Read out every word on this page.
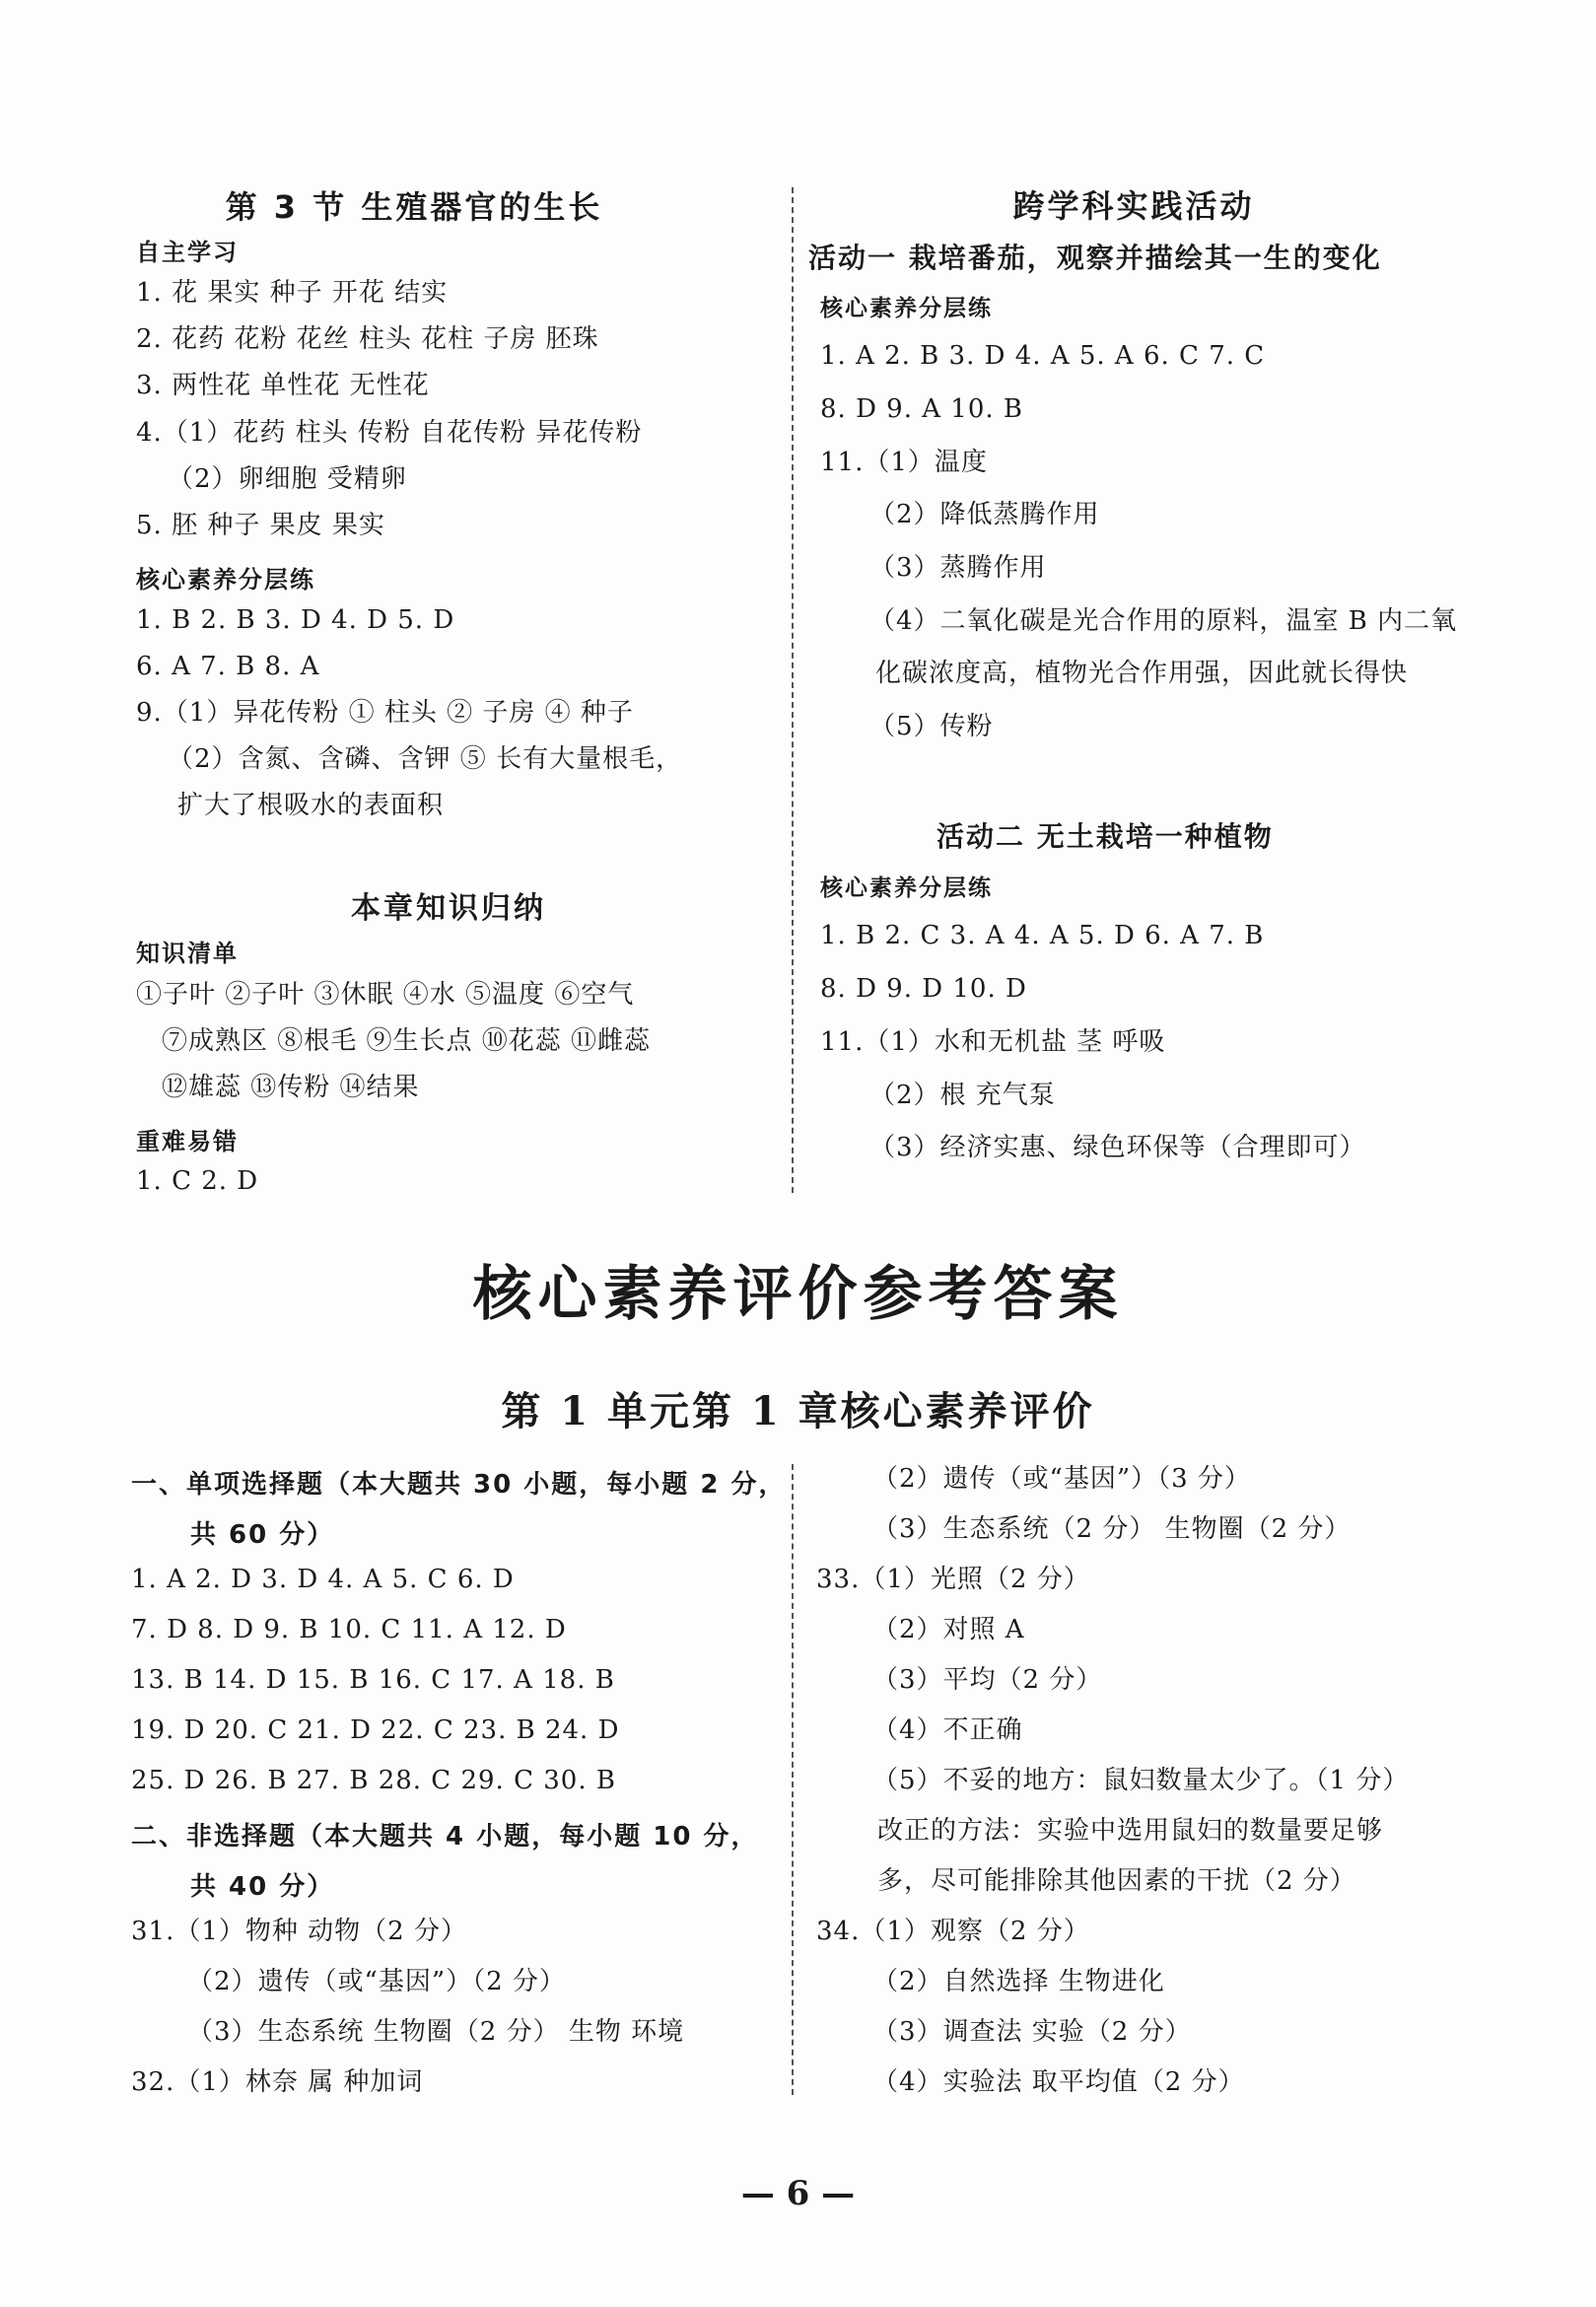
第 3 节 生殖器官的生长
自主学习
1. 花 果实 种子 开花 结实
2. 花药 花粉 花丝 柱头 花柱 子房 胚珠
3. 两性花 单性花 无性花
4.（1）花药 柱头 传粉 自花传粉 异花传粉
（2）卵细胞 受精卵
5. 胚 种子 果皮 果实
核心素养分层练
1. B 2. B 3. D 4. D 5. D
6. A 7. B 8. A
9.（1）异花传粉 ① 柱头 ② 子房 ④ 种子
（2）含氮、含磷、含钾 ⑤ 长有大量根毛，
扩大了根吸水的表面积
本章知识归纳
知识清单
①子叶 ②子叶 ③休眠 ④水 ⑤温度 ⑥空气
⑦成熟区 ⑧根毛 ⑨生长点 ⑩花蕊 ⑪雌蕊
⑫雄蕊 ⑬传粉 ⑭结果
重难易错
1. C 2. D
跨学科实践活动
活动一 栽培番茄，观察并描绘其一生的变化
核心素养分层练
1. A 2. B 3. D 4. A 5. A 6. C 7. C
8. D 9. A 10. B
11.（1）温度
（2）降低蒸腾作用
（3）蒸腾作用
（4）二氧化碳是光合作用的原料，温室 B 内二氧
化碳浓度高，植物光合作用强，因此就长得快
（5）传粉
活动二 无土栽培一种植物
核心素养分层练
1. B 2. C 3. A 4. A 5. D 6. A 7. B
8. D 9. D 10. D
11.（1）水和无机盐 茎 呼吸
（2）根 充气泵
（3）经济实惠、绿色环保等（合理即可）
核心素养评价参考答案
第 1 单元第 1 章核心素养评价
一、单项选择题（本大题共 30 小题，每小题 2 分，
共 60 分）
1. A 2. D 3. D 4. A 5. C 6. D
7. D 8. D 9. B 10. C 11. A 12. D
13. B 14. D 15. B 16. C 17. A 18. B
19. D 20. C 21. D 22. C 23. B 24. D
25. D 26. B 27. B 28. C 29. C 30. B
二、非选择题（本大题共 4 小题，每小题 10 分，
共 40 分）
31.（1）物种 动物（2 分）
（2）遗传（或“基因”）（2 分）
（3）生态系统 生物圈（2 分） 生物 环境
32.（1）林奈 属 种加词
（2）遗传（或“基因”）（3 分）
（3）生态系统（2 分） 生物圈（2 分）
33.（1）光照（2 分）
（2）对照 A
（3）平均（2 分）
（4）不正确
（5）不妥的地方：鼠妇数量太少了。（1 分）
改正的方法：实验中选用鼠妇的数量要足够
多，尽可能排除其他因素的干扰（2 分）
34.（1）观察（2 分）
（2）自然选择 生物进化
（3）调查法 实验（2 分）
（4）实验法 取平均值（2 分）
— 6 —
